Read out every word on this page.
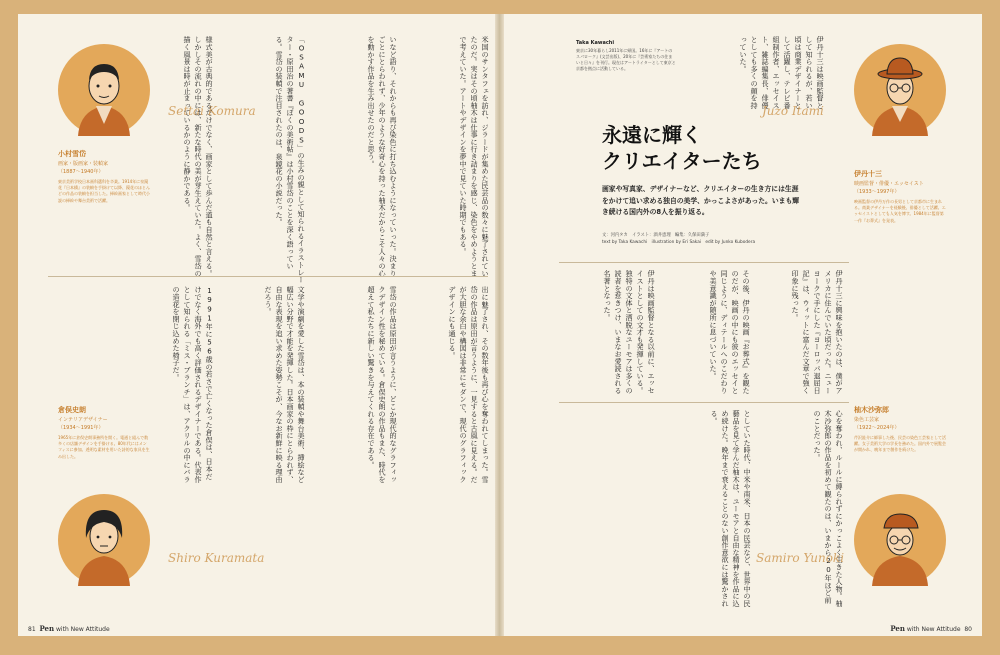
Settai Komura
小村雪岱
画家・版画家・装幀家
（1887〜1940年）
東京美術学校日本画科選科を卒業。1914年に泉鏡花『日本橋』の装幀を手掛けて以降、鏡花のほとんどの作品の装幀を担当した。挿絵画家として時代小説の挿絵や舞台美術で活躍。	米国のサンタフェを訪れ、ジラードが集めた民芸品の数々に魅了されていたのだ。実はその頃柚木は仕事に行き詰まりを感じ、染色をやめようとまで考えていた。アートやデザインを夢中で見ていた時期でもある。
いなど語り、それからも再び染色に打ち込むようになっていった。決まりごとにとらわれず、少年のような好奇心を持った柚木だからこそ人々の心を動かす作品を生み出せたのだと思う。
「OSAMU GOODS」の生みの親として知られるイラストレーター・原田治の著書『ぼくの美術帖』は小村雪岱のことを深く語っている。雪岱の装幀で注目されたのは、泉鏡花の小説だった。
様式美が古典的であるだけでなく、画家として歩んだ道も自然と言える。しかしその流れの中には、新たな時代の美が芽生えていた。よく、雪岱の描く風景は時が止まっているかのように静かである。
出に魅了され、その数年後も再び心を奪われてしまった。雪岱の作品は原田が言うように、一見すると古風に見える。だが大胆な余白や構図は非常にモダンで、現代のグラフィックデザインにも通じる。
雪岱の作品は原田が言うように、どこか現代的なグラフィックデザイン性を秘めている。倉俣史朗の作品もまた、時代を超えて私たちに新しい驚きを与えてくれる存在である。
文学や演劇を愛した雪岱は、本の装幀や舞台美術、挿絵など幅広い分野で才能を発揮した。日本画家の枠にとらわれず、自由な表現を追い求めた姿勢こそが、今なお新鮮に映る理由だろう。
1991年に56歳の若さで亡くなった倉俣は、日本だけでなく海外でも高く評価されるデザイナーである。代表作として知られる「ミス・ブランチ」は、アクリルの中にバラの造花を閉じ込めた椅子だ。
倉俣史朗
インテリアデザイナー
（1934〜1991年）
1965年に倉俣史朗事務所を開く。電通と組んで数多くの店舗デザインを手掛ける。80年代にはメンフィスに参加。透明な素材を用いた詩的な家具を生み出した。
Shiro Kuramata
81 Pen with New Attitude
Taka Kawachi
東京に30年暮らし2011年に帰国。16年に『アートのスパローク』(文芸出版)、20年に『芸術家たちの住まいと日々』を刊行。現在はアートライターとして東京と京都を拠点に活動している。	伊丹十三は映画監督として知られるが、若い頃は商業デザイナーとして活躍し、テレビ番組制作者、エッセイスト、雑誌編集長、俳優としても多くの顔を持っていた。
永遠に輝く
クリエイターたち
画家や写真家、デザイナーなど、クリエイターの生き方には生涯をかけて追い求める独自の美学、かっこよさがあった。いまも輝き続ける国内外の8人を振り返る。
文：河内タカ　イラスト：酒井恵理　編集：久保田満子
text by Taka Kawachi　illustration by Eri Sakai　edit by Junko Kubodera
Juzo Itami
伊丹十三
映画監督・俳優・エッセイスト
（1933〜1997年）
映画監督の伊丹万作の長男として京都市に生まれる。商業デザイナーを経験後、俳優として活躍。エッセイストとしても人気を博す。1984年に監督第一作『お葬式』を発表。
伊丹十三に興味を抱いたのは、僕がアメリカに住んでいた頃だった。ニューヨークで手にした『ヨーロッパ退屈日記』は、ウィットに富んだ文章で強く印象に残った。
その後、伊丹の映画『お葬式』を観たのだが、映画の中にも彼のエッセイと同じように、ディテールへのこだわりや美意識が随所に息づいていた。
伊丹は映画監督となる以前に、エッセイストとしての文才も発揮している。独特の文体と洒脱なユーモアは多くの読者を惹きつけ、いまなお愛読される名著となった。
心を奪われ、ルールに縛られずにかっこよく生きた人物。柚木沙弥郎の作品を初めて観たのは、いまから20年ほど前のことだった。
としていた時代、中米や南米、日本の民芸など、世界中の民藝品を見て学んだ柚木は、ユーモアと自由な精神を作品に込め続けた。晩年まで衰えることのない創作意欲には驚かされる。	柚木沙弥郎
染色工芸家
（1922〜2024年）
芹沢銈介に師事した後、民芸の染色工芸家として活躍。女子美術大学の学長を務めた。国内外で展覧会が開かれ、晩年まで創作を続けた。
Samiro Yunoki
Pen with New Attitude 80
